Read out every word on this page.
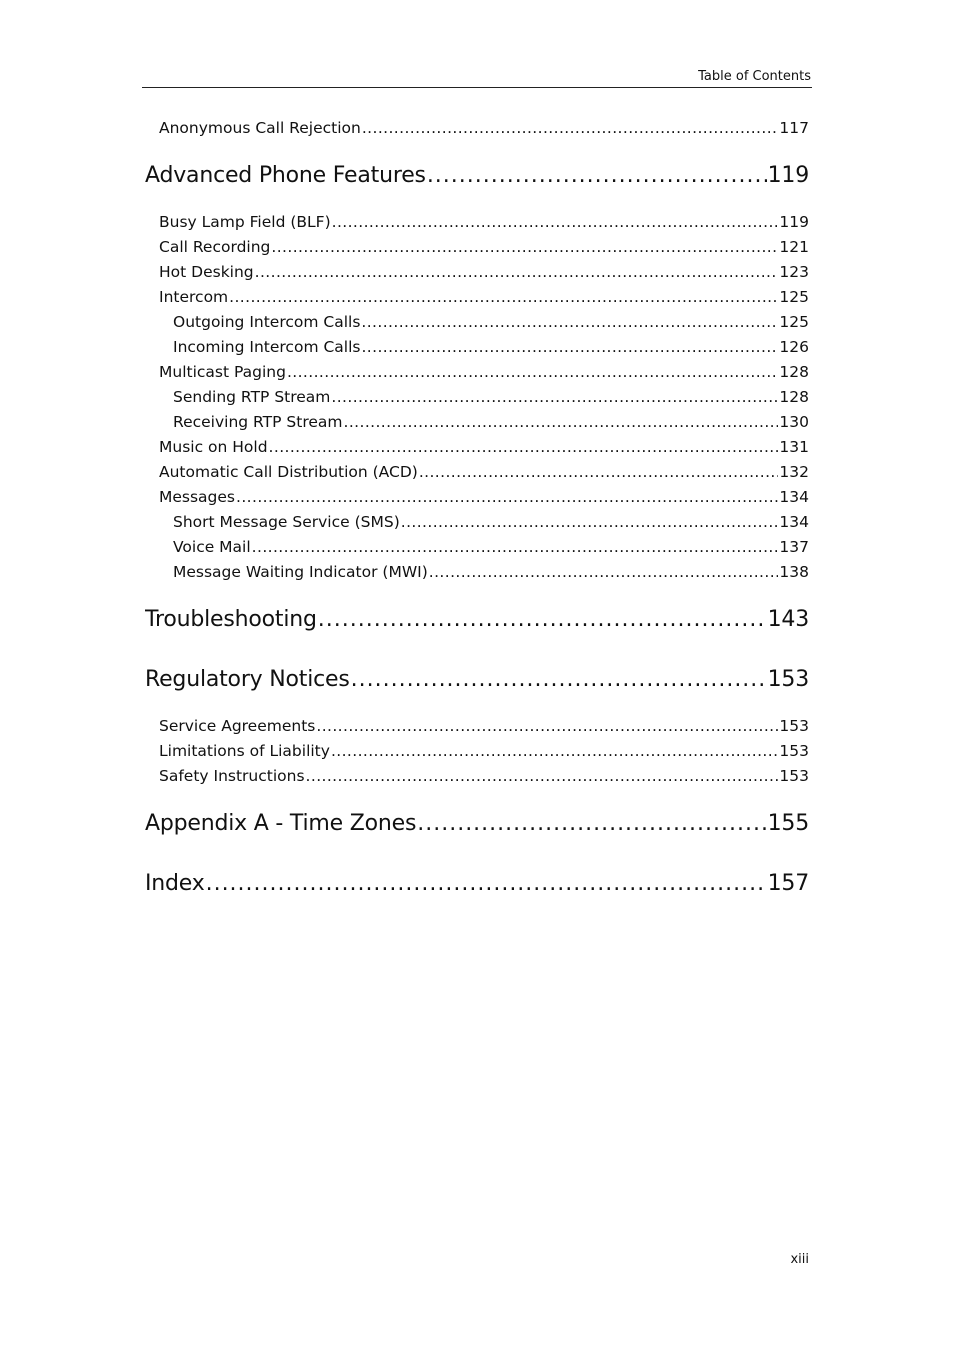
Table of Contents
Anonymous Call Rejection .....	117
Advanced Phone Features .....	119
Busy Lamp Field (BLF) .....	119
Call Recording .....	121
Hot Desking .....	123
Intercom .....	125
Outgoing Intercom Calls .....	125
Incoming Intercom Calls .....	126
Multicast Paging .....	128
Sending RTP Stream .....	128
Receiving RTP Stream .....	130
Music on Hold .....	131
Automatic Call Distribution (ACD) .....	132
Messages .....	134
Short Message Service (SMS) .....	134
Voice Mail .....	137
Message Waiting Indicator (MWI) .....	138
Troubleshooting .....	143
Regulatory Notices .....	153
Service Agreements .....	153
Limitations of Liability .....	153
Safety Instructions .....	153
Appendix A - Time Zones .....	155
Index .....	157
xiii
